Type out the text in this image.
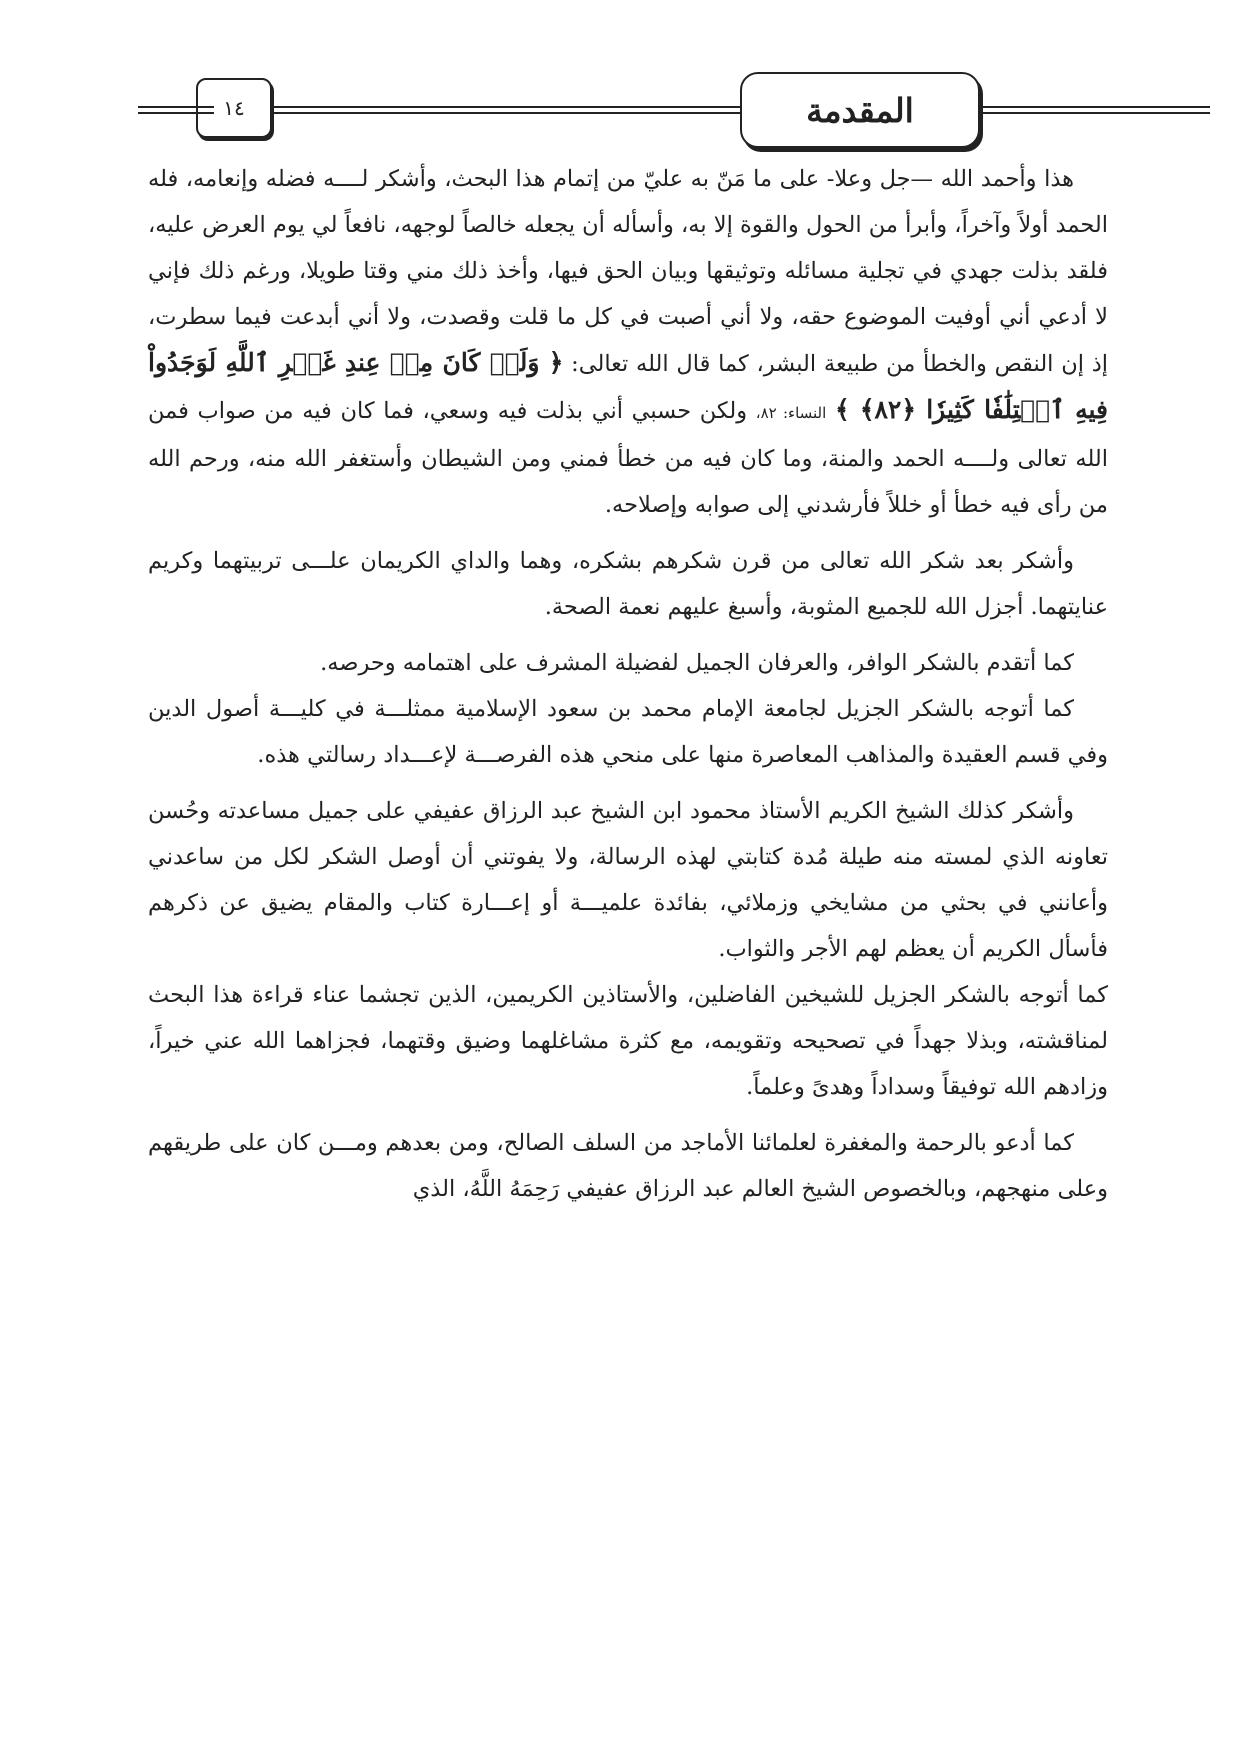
المقدمة
١٤

هذا وأحمد الله —جل وعلا- على ما مَنّ به عليّ من إتمام هذا البحث، وأشكر لــــه فضله وإنعامه، فله الحمد أولاً وآخراً، وأبرأ من الحول والقوة إلا به، وأسأله أن يجعله خالصاً لوجهه، نافعاً لي يوم العرض عليه، فلقد بذلت جهدي في تجلية مسائله وتوثيقها وبيان الحق فيها، وأخذ ذلك مني وقتا طويلا، ورغم ذلك فإني لا أدعي أني أوفيت الموضوع حقه، ولا أني أصبت في كل ما قلت وقصدت، ولا أني أبدعت فيما سطرت، إذ إن النقص والخطأ من طبيعة البشر، كما قال الله تعالى: ﴿ وَلَوۡ كَانَ مِنۡ عِندِ غَيۡرِ ٱللَّهِ لَوَجَدُواْ فِيهِ ٱخۡتِلَٰفٗا كَثِيرٗا ﴿٨٢﴾ ﴾ النساء: ٨٢، ولكن حسبي أني بذلت فيه وسعي، فما كان فيه من صواب فمن الله تعالى ولــــه الحمد والمنة، وما كان فيه من خطأ فمني ومن الشيطان وأستغفر الله منه، ورحم الله من رأى فيه خطأ أو خللاً فأرشدني إلى صوابه وإصلاحه.

وأشكر بعد شكر الله تعالى من قرن شكرهم بشكره، وهما والداي الكريمان علـــى تربيتهما وكريم عنايتهما. أجزل الله للجميع المثوبة، وأسبغ عليهم نعمة الصحة.

كما أتقدم بالشكر الوافر، والعرفان الجميل لفضيلة المشرف على اهتمامه وحرصه.

كما أتوجه بالشكر الجزيل لجامعة الإمام محمد بن سعود الإسلامية ممثلـــة في كليـــة أصول الدين وفي قسم العقيدة والمذاهب المعاصرة منها على منحي هذه الفرصـــة لإعـــداد رسالتي هذه.

وأشكر كذلك الشيخ الكريم الأستاذ محمود ابن الشيخ عبد الرزاق عفيفي على جميل مساعدته وحُسن تعاونه الذي لمسته منه طيلة مُدة كتابتي لهذه الرسالة، ولا يفوتني أن أوصل الشكر لكل من ساعدني وأعانني في بحثي من مشايخي وزملائي، بفائدة علميـــة أو إعـــارة كتاب والمقام يضيق عن ذكرهم فأسأل الكريم أن يعظم لهم الأجر والثواب.

كما أتوجه بالشكر الجزيل للشيخين الفاضلين، والأستاذين الكريمين، الذين تجشما عناء قراءة هذا البحث لمناقشته، وبذلا جهداً في تصحيحه وتقويمه، مع كثرة مشاغلهما وضيق وقتهما، فجزاهما الله عني خيراً، وزادهم الله توفيقاً وسداداً وهدىً وعلماً.

كما أدعو بالرحمة والمغفرة لعلمائنا الأماجد من السلف الصالح، ومن بعدهم ومـــن كان على طريقهم وعلى منهجهم، وبالخصوص الشيخ العالم عبد الرزاق عفيفي رَحِمَهُ اللَّهُ، الذي
